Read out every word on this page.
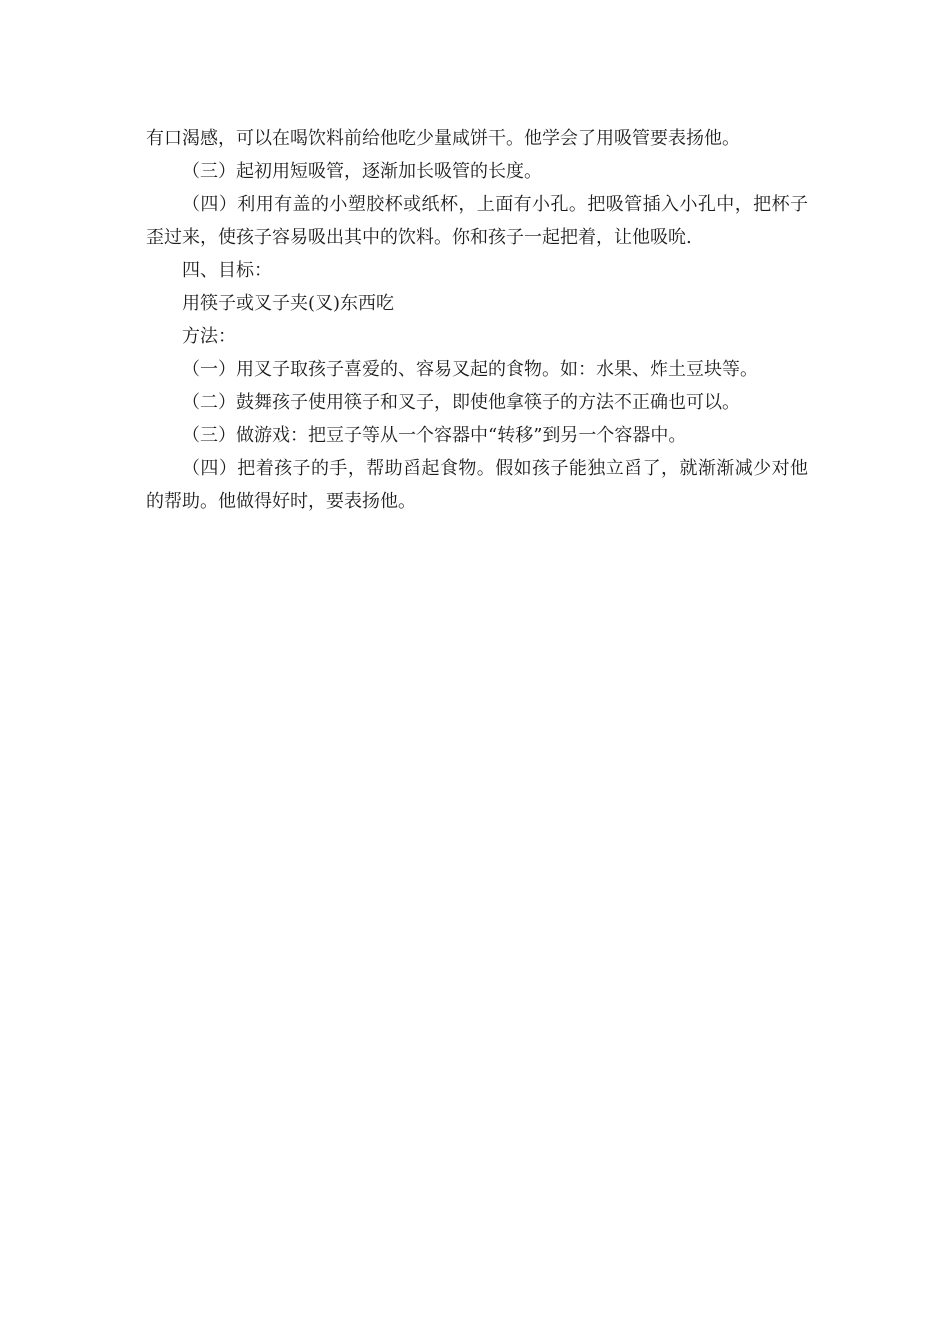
有口渴感，可以在喝饮料前给他吃少量咸饼干。他学会了用吸管要表扬他。

（三）起初用短吸管，逐渐加长吸管的长度。

（四）利用有盖的小塑胶杯或纸杯，上面有小孔。把吸管插入小孔中，把杯子歪过来，使孩子容易吸出其中的饮料。你和孩子一起把着，让他吸吮.

四、目标：

用筷子或叉子夹(叉)东西吃

方法：

（一）用叉子取孩子喜爱的、容易叉起的食物。如：水果、炸土豆块等。

（二）鼓舞孩子使用筷子和叉子，即使他拿筷子的方法不正确也可以。

（三）做游戏：把豆子等从一个容器中“转移”到另一个容器中。

（四）把着孩子的手，帮助舀起食物。假如孩子能独立舀了，就渐渐减少对他的帮助。他做得好时，要表扬他。
